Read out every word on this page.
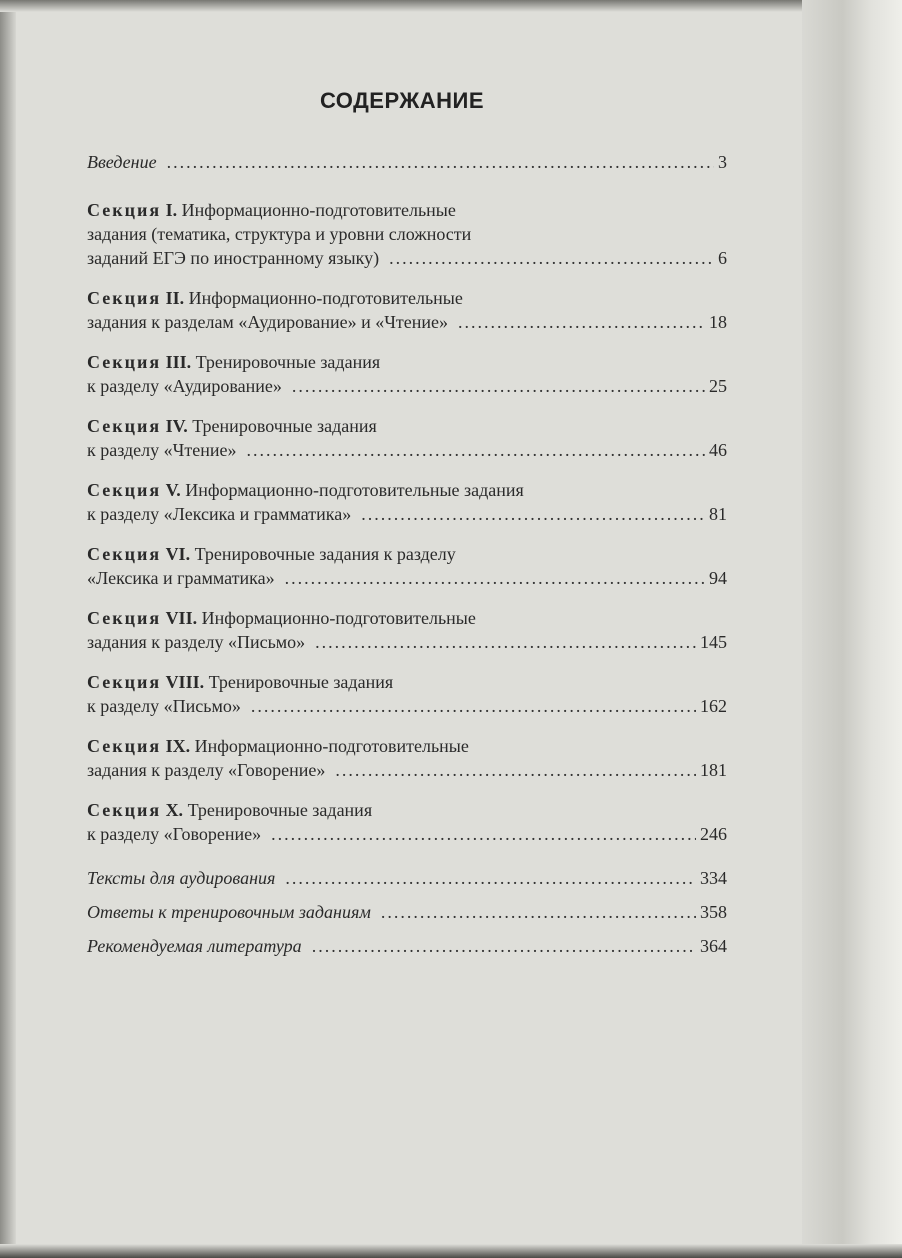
СОДЕРЖАНИЕ
Введение .....	3
Секция I. Информационно-подготовительные
задания (тематика, структура и уровни сложности
заданий ЕГЭ по иностранному языку) .....	6
Секция II. Информационно-подготовительные
задания к разделам «Аудирование» и «Чтение» .....	18
Секция III. Тренировочные задания
к разделу «Аудирование» .....	25
Секция IV. Тренировочные задания
к разделу «Чтение» .....	46
Секция V. Информационно-подготовительные задания
к разделу «Лексика и грамматика» .....	81
Секция VI. Тренировочные задания к разделу
«Лексика и грамматика» .....	94
Секция VII. Информационно-подготовительные
задания к разделу «Письмо» .....	145
Секция VIII. Тренировочные задания
к разделу «Письмо» .....	162
Секция IX. Информационно-подготовительные
задания к разделу «Говорение» .....	181
Секция X. Тренировочные задания
к разделу «Говорение» .....	246
Тексты для аудирования .....	334
Ответы к тренировочным заданиям .....	358
Рекомендуемая литература .....	364
